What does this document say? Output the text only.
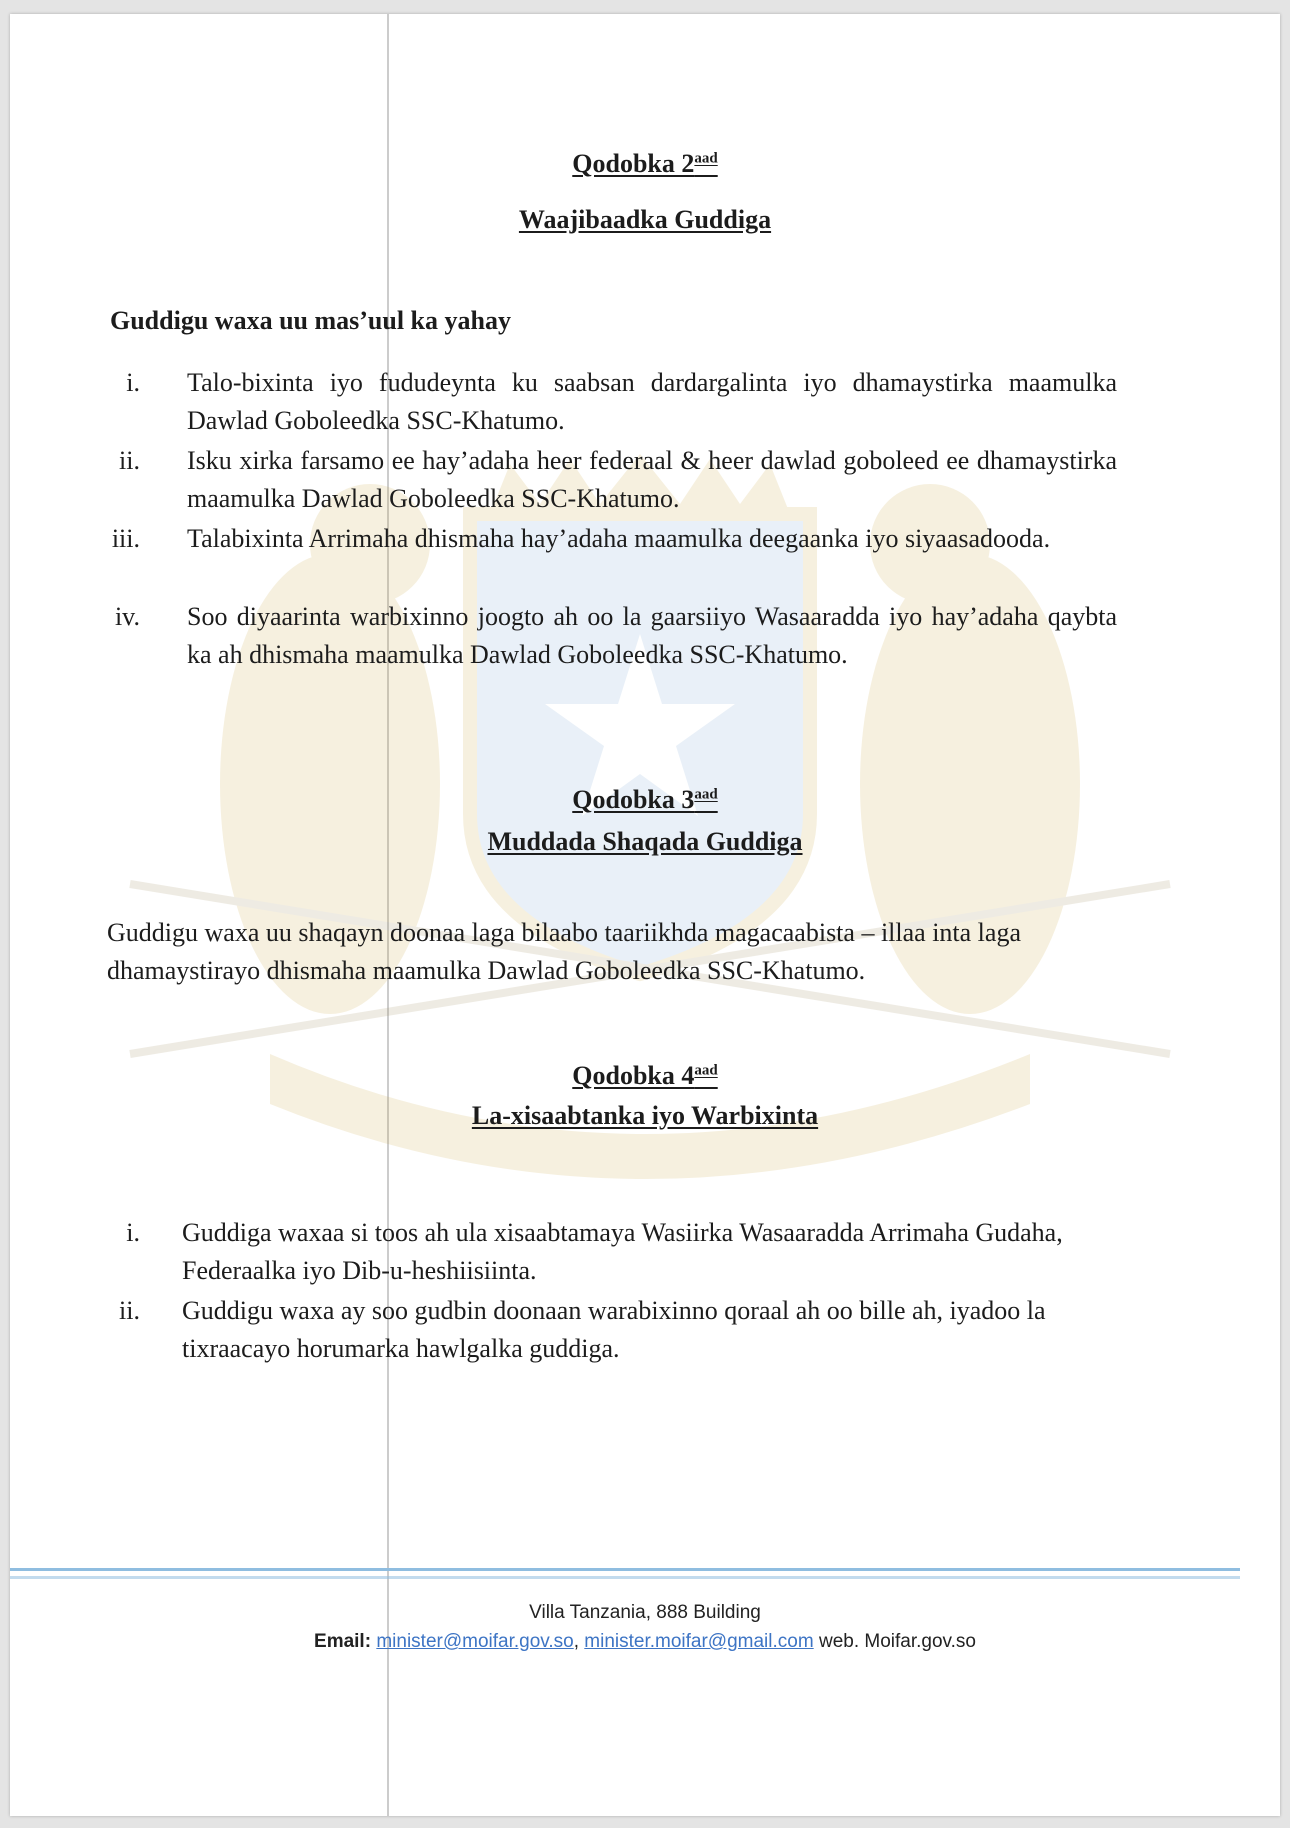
Qodobka $2^{aad}$
Waajibaadka Guddiga
Guddigu waxa uu mas’uul ka yahay
i. Talo-bixinta iyo fududeynta ku saabsan dardargalinta iyo dhamaystirka maamulka Dawlad Goboleedka SSC-Khatumo.
ii. Isku xirka farsamo ee hay’adaha heer federaal & heer dawlad goboleed ee dhamaystirka maamulka Dawlad Goboleedka SSC-Khatumo.
iii. Talabixinta Arrimaha dhismaha hay’adaha maamulka deegaanka iyo siyaasadooda.
iv. Soo diyaarinta warbixinno joogto ah oo la gaarsiiyo Wasaaradda iyo hay’adaha qaybta ka ah dhismaha maamulka Dawlad Goboleedka SSC-Khatumo.
Qodobka $3^{aad}$
Muddada Shaqada Guddiga
Guddigu waxa uu shaqayn doonaa laga bilaabo taariikhda magacaabista – illaa inta laga dhamaystirayo dhismaha maamulka Dawlad Goboleedka SSC-Khatumo.
Qodobka $4^{aad}$
La-xisaabtanka iyo Warbixinta
i. Guddiga waxaa si toos ah ula xisaabtamaya Wasiirka Wasaaradda Arrimaha Gudaha, Federaalka iyo Dib-u-heshiisiinta.
ii. Guddigu waxa ay soo gudbin doonaan warabixinno qoraal ah oo bille ah, iyadoo la tixraacayo horumarka hawlgalka guddiga.
Villa Tanzania, 888 Building
Email: minister@moifar.gov.so, minister.moifar@gmail.com web. Moifar.gov.so
